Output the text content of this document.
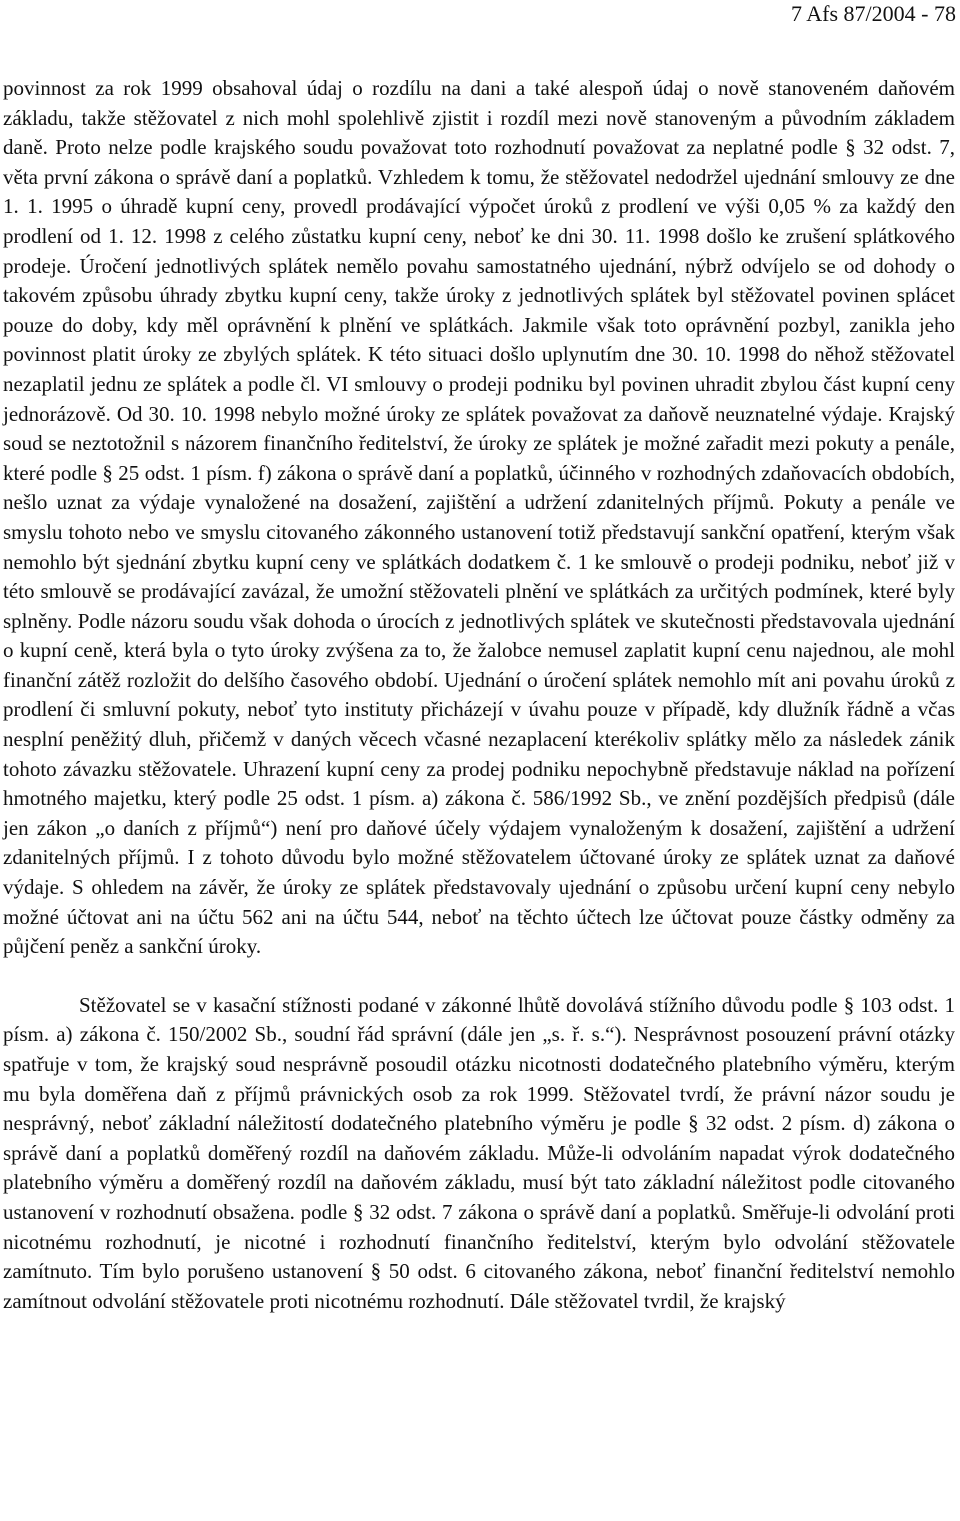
7 Afs 87/2004 - 78

povinnost za rok 1999 obsahoval údaj o rozdílu na dani a také alespoň údaj o nově stanoveném daňovém základu, takže stěžovatel z nich mohl spolehlivě zjistit i rozdíl mezi nově stanoveným a původním základem daně. Proto nelze podle krajského soudu považovat toto rozhodnutí považovat za neplatné podle § 32 odst. 7, věta první zákona o správě daní a poplatků. Vzhledem k tomu, že stěžovatel nedodržel ujednání smlouvy ze dne 1. 1. 1995 o úhradě kupní ceny, provedl prodávající výpočet úroků z prodlení ve výši 0,05 % za každý den prodlení od 1. 12. 1998 z celého zůstatku kupní ceny, neboť ke dni 30. 11. 1998 došlo ke zrušení splátkového prodeje. Úročení jednotlivých splátek nemělo povahu samostatného ujednání, nýbrž odvíjelo se od dohody o takovém způsobu úhrady zbytku kupní ceny, takže úroky z jednotlivých splátek byl stěžovatel povinen splácet pouze do doby, kdy měl oprávnění k plnění ve splátkách. Jakmile však toto oprávnění pozbyl, zanikla jeho povinnost platit úroky ze zbylých splátek. K této situaci došlo uplynutím dne 30. 10. 1998 do něhož stěžovatel nezaplatil jednu ze splátek a podle čl. VI smlouvy o prodeji podniku byl povinen uhradit zbylou část kupní ceny jednorázově. Od 30. 10. 1998 nebylo možné úroky ze splátek považovat za daňově neuznatelné výdaje. Krajský soud se neztotožnil s názorem finančního ředitelství, že úroky ze splátek je možné zařadit mezi pokuty a penále, které podle § 25 odst. 1 písm. f) zákona o správě daní a poplatků, účinného v rozhodných zdaňovacích obdobích, nešlo uznat za výdaje vynaložené na dosažení, zajištění a udržení zdanitelných příjmů. Pokuty a penále ve smyslu tohoto nebo ve smyslu citovaného zákonného ustanovení totiž představují sankční opatření, kterým však nemohlo být sjednání zbytku kupní ceny ve splátkách dodatkem č. 1 ke smlouvě o prodeji podniku, neboť již v této smlouvě se prodávající zavázal, že umožní stěžovateli plnění ve splátkách za určitých podmínek, které byly splněny. Podle názoru soudu však dohoda o úrocích z jednotlivých splátek ve skutečnosti představovala ujednání o kupní ceně, která byla o tyto úroky zvýšena za to, že žalobce nemusel zaplatit kupní cenu najednou, ale mohl finanční zátěž rozložit do delšího časového období. Ujednání o úročení splátek nemohlo mít ani povahu úroků z prodlení či smluvní pokuty, neboť tyto instituty přicházejí v úvahu pouze v případě, kdy dlužník řádně a včas nesplní peněžitý dluh, přičemž v daných věcech včasné nezaplacení kterékoliv splátky mělo za následek zánik tohoto závazku stěžovatele. Uhrazení kupní ceny za prodej podniku nepochybně představuje náklad na pořízení hmotného majetku, který podle 25 odst. 1 písm. a) zákona č. 586/1992 Sb., ve znění pozdějších předpisů (dále jen zákon „o daních z příjmů“) není pro daňové účely výdajem vynaloženým k dosažení, zajištění a udržení zdanitelných příjmů. I z tohoto důvodu bylo možné stěžovatelem účtované úroky ze splátek uznat za daňové výdaje. S ohledem na závěr, že úroky ze splátek představovaly ujednání o způsobu určení kupní ceny nebylo možné účtovat ani na účtu 562 ani na účtu 544, neboť na těchto účtech lze účtovat pouze částky odměny za půjčení peněz a sankční úroky.

Stěžovatel se v kasační stížnosti podané v zákonné lhůtě dovolává stížního důvodu podle § 103 odst. 1 písm. a) zákona č. 150/2002 Sb., soudní řád správní (dále jen „s. ř. s.“). Nesprávnost posouzení právní otázky spatřuje v tom, že krajský soud nesprávně posoudil otázku nicotnosti dodatečného platebního výměru, kterým mu byla doměřena daň z příjmů právnických osob za rok 1999. Stěžovatel tvrdí, že právní názor soudu je nesprávný, neboť základní náležitostí dodatečného platebního výměru je podle § 32 odst. 2 písm. d) zákona o správě daní a poplatků doměřený rozdíl na daňovém základu. Může-li odvoláním napadat výrok dodatečného platebního výměru a doměřený rozdíl na daňovém základu, musí být tato základní náležitost podle citovaného ustanovení v rozhodnutí obsažena. podle § 32 odst. 7 zákona o správě daní a poplatků. Směřuje-li odvolání proti nicotnému rozhodnutí, je nicotné i rozhodnutí finančního ředitelství, kterým bylo odvolání stěžovatele zamítnuto. Tím bylo porušeno ustanovení § 50 odst. 6 citovaného zákona, neboť finanční ředitelství nemohlo zamítnout odvolání stěžovatele proti nicotnému rozhodnutí. Dále stěžovatel tvrdil, že krajský
